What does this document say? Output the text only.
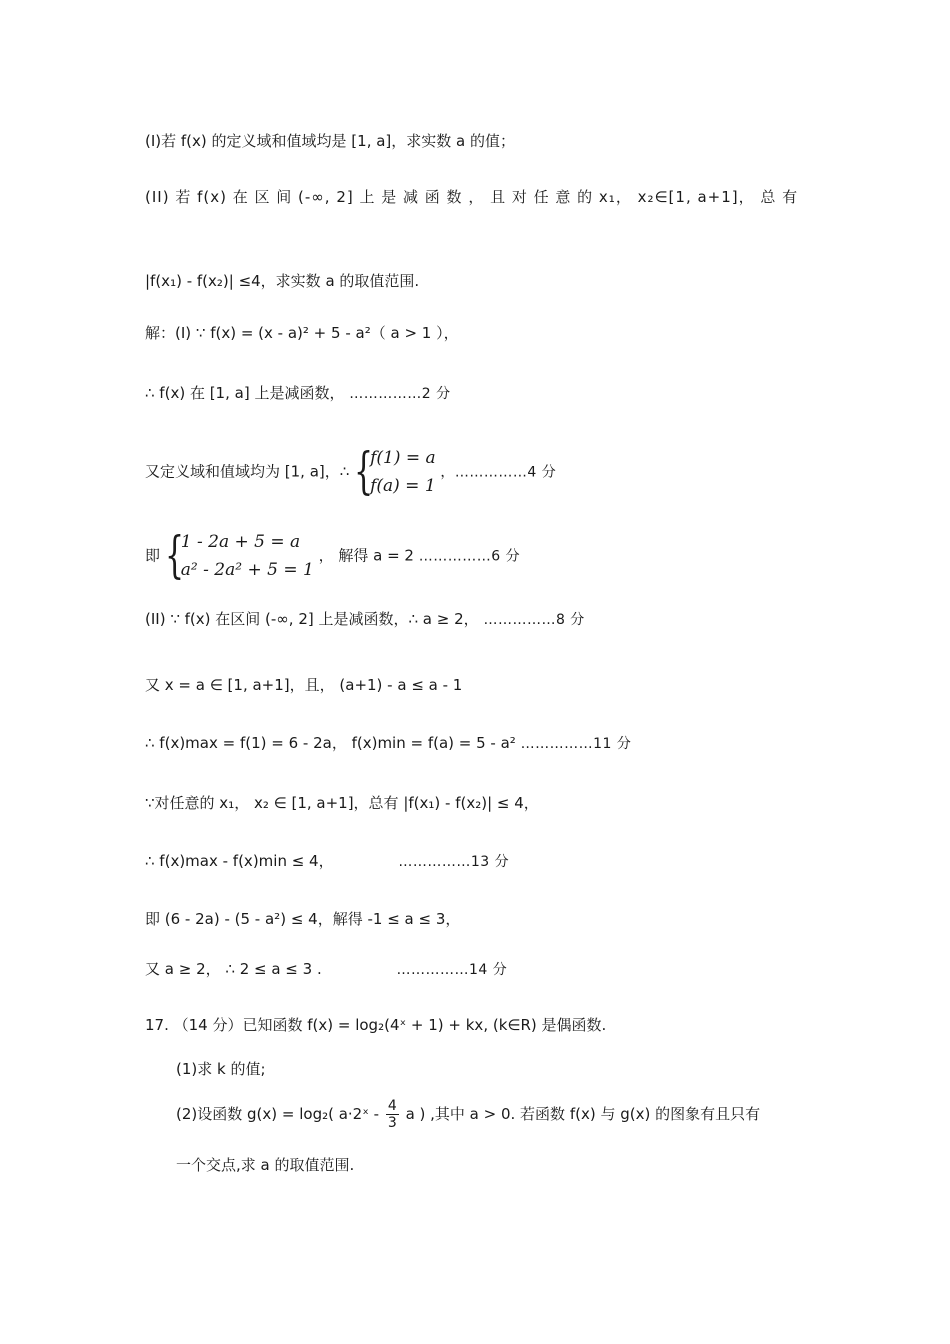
(I)若 f(x) 的定义域和值域均是 [1, a]，求实数 a 的值；
(II) 若 f(x) 在 区 间 (-∞, 2] 上 是 减 函 数 ， 且 对 任 意 的 x₁， x₂∈[1, a+1]， 总 有
|f(x₁) - f(x₂)| ≤4，求实数 a 的取值范围.
解：(I) ∵ f(x) = (x - a)² + 5 - a²（ a > 1 ），
∴ f(x) 在 [1, a] 上是减函数， ……………2 分
又定义域和值域均为 [1, a]，∴ {
f(1) = a
f(a) = 1
，……………4 分
即 {
1 - 2a + 5 = a
a² - 2a² + 5 = 1
， 解得 a = 2 ……………6 分
(II) ∵ f(x) 在区间 (-∞, 2] 上是减函数，∴ a ≥ 2， ……………8 分
又 x = a ∈ [1, a+1]，且， (a+1) - a ≤ a - 1
∴ f(x)max = f(1) = 6 - 2a， f(x)min = f(a) = 5 - a² ……………11 分
∵对任意的 x₁， x₂ ∈ [1, a+1]，总有 |f(x₁) - f(x₂)| ≤ 4，
∴ f(x)max - f(x)min ≤ 4，	……………13 分
即 (6 - 2a) - (5 - a²) ≤ 4，解得 -1 ≤ a ≤ 3，
又 a ≥ 2， ∴ 2 ≤ a ≤ 3 .	……………14 分
17. （14 分）已知函数 f(x) = log₂(4ˣ + 1) + kx, (k∈R) 是偶函数.
(1)求 k 的值;
(2)设函数 g(x) = log₂( a·2ˣ - $\frac{4}{3}$ a ) ,其中 a > 0. 若函数 f(x) 与 g(x) 的图象有且只有
一个交点,求 a 的取值范围.
